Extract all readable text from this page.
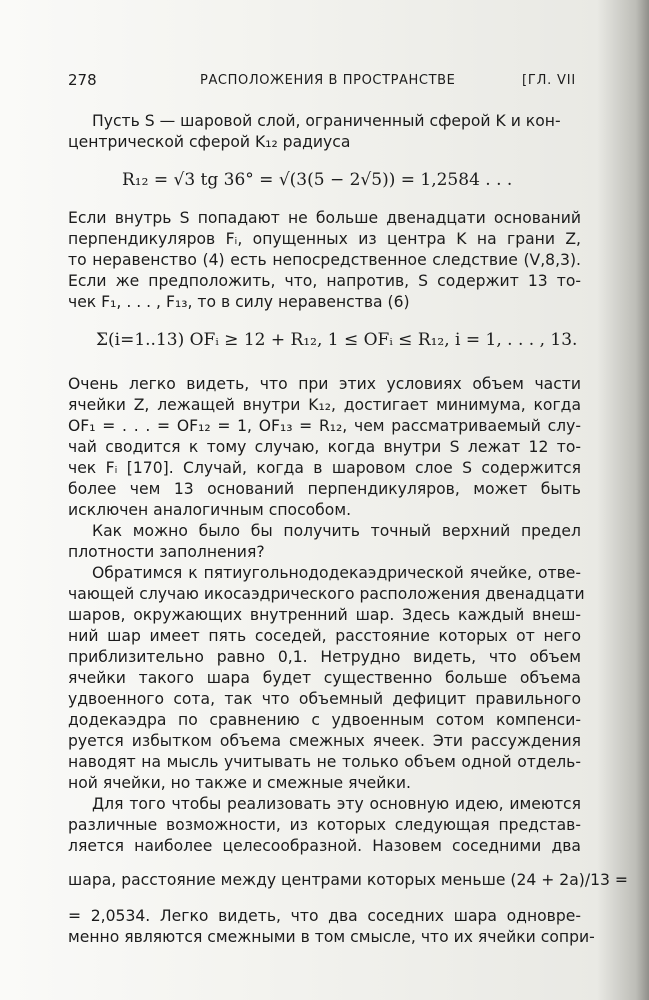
278	РАСПОЛОЖЕНИЯ В ПРОСТРАНСТВЕ	[ГЛ. VII
Пусть S — шаровой слой, ограниченный сферой K и кон-
центрической сферой K₁₂ радиуса
R₁₂ = √3 tg 36° = √(3(5 − 2√5)) = 1,2584 . . .
Если внутрь S попадают не больше двенадцати оснований
перпендикуляров Fᵢ, опущенных из центра K на грани Z,
то неравенство (4) есть непосредственное следствие (V,8,3).
Если же предположить, что, напротив, S содержит 13 то-
чек F₁, . . . , F₁₃, то в силу неравенства (6)
Σ(i=1..13) OFᵢ ≥ 12 + R₁₂, 1 ≤ OFᵢ ≤ R₁₂, i = 1, . . . , 13.
Очень легко видеть, что при этих условиях объем части
ячейки Z, лежащей внутри K₁₂, достигает минимума, когда
OF₁ = . . . = OF₁₂ = 1, OF₁₃ = R₁₂, чем рассматриваемый слу-
чай сводится к тому случаю, когда внутри S лежат 12 то-
чек Fᵢ [170]. Случай, когда в шаровом слое S содержится
более чем 13 оснований перпендикуляров, может быть
исключен аналогичным способом.
Как можно было бы получить точный верхний предел
плотности заполнения?
Обратимся к пятиугольнододекаэдрической ячейке, отве-
чающей случаю икосаэдрического расположения двенадцати
шаров, окружающих внутренний шар. Здесь каждый внеш-
ний шар имеет пять соседей, расстояние которых от него
приблизительно равно 0,1. Нетрудно видеть, что объем
ячейки такого шара будет существенно больше объема
удвоенного сота, так что объемный дефицит правильного
додекаэдра по сравнению с удвоенным сотом компенси-
руется избытком объема смежных ячеек. Эти рассуждения
наводят на мысль учитывать не только объем одной отдель-
ной ячейки, но также и смежные ячейки.
Для того чтобы реализовать эту основную идею, имеются
различные возможности, из которых следующая представ-
ляется наиболее целесообразной. Назовем соседними два
шара, расстояние между центрами которых меньше (24 + 2a)/13 =
= 2,0534. Легко видеть, что два соседних шара одновре-
менно являются смежными в том смысле, что их ячейки сопри-
